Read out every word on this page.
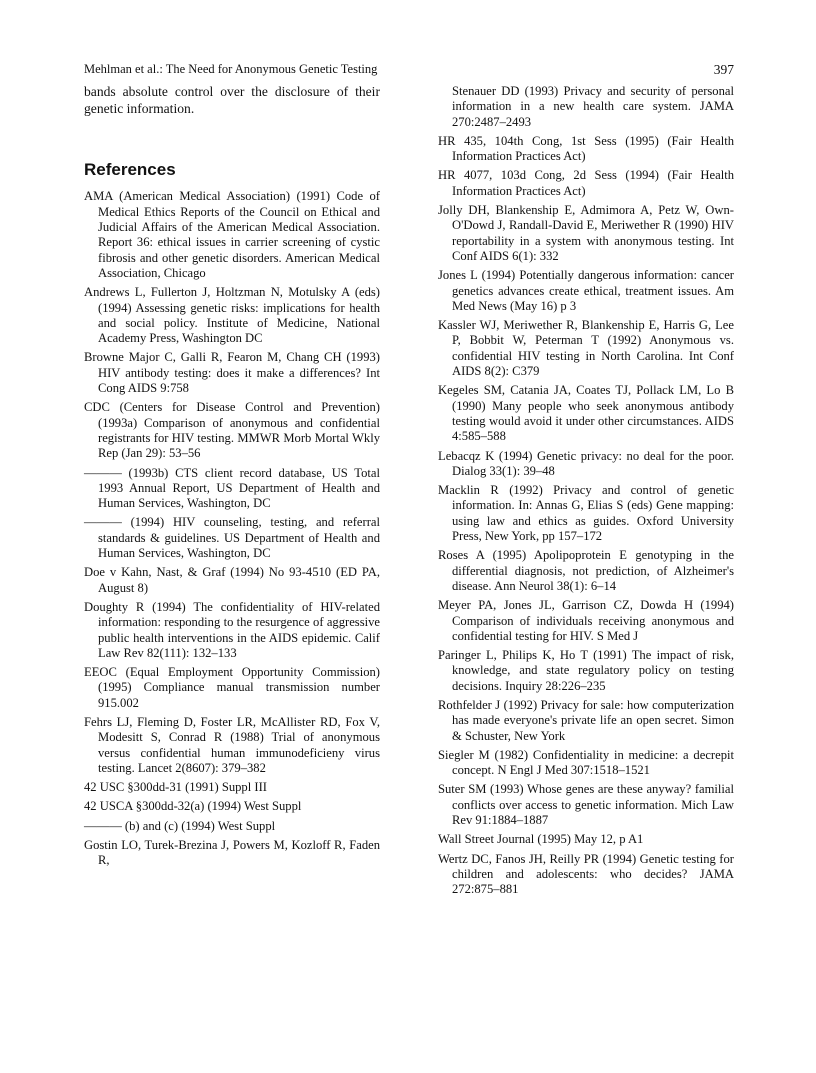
Mehlman et al.: The Need for Anonymous Genetic Testing	397

bands absolute control over the disclosure of their genetic information.

References

AMA (American Medical Association) (1991) Code of Medical Ethics Reports of the Council on Ethical and Judicial Affairs of the American Medical Association. Report 36: ethical issues in carrier screening of cystic fibrosis and other genetic disorders. American Medical Association, Chicago

Andrews L, Fullerton J, Holtzman N, Motulsky A (eds) (1994) Assessing genetic risks: implications for health and social policy. Institute of Medicine, National Academy Press, Washington DC

Browne Major C, Galli R, Fearon M, Chang CH (1993) HIV antibody testing: does it make a differences? Int Cong AIDS 9:758

CDC (Centers for Disease Control and Prevention) (1993a) Comparison of anonymous and confidential registrants for HIV testing. MMWR Morb Mortal Wkly Rep (Jan 29): 53–56

——— (1993b) CTS client record database, US Total 1993 Annual Report, US Department of Health and Human Services, Washington, DC

——— (1994) HIV counseling, testing, and referral standards & guidelines. US Department of Health and Human Services, Washington, DC

Doe v Kahn, Nast, & Graf (1994) No 93-4510 (ED PA, August 8)

Doughty R (1994) The confidentiality of HIV-related information: responding to the resurgence of aggressive public health interventions in the AIDS epidemic. Calif Law Rev 82(111): 132–133

EEOC (Equal Employment Opportunity Commission) (1995) Compliance manual transmission number 915.002

Fehrs LJ, Fleming D, Foster LR, McAllister RD, Fox V, Modesitt S, Conrad R (1988) Trial of anonymous versus confidential human immunodeficieny virus testing. Lancet 2(8607): 379–382

42 USC §300dd-31 (1991) Suppl III

42 USCA §300dd-32(a) (1994) West Suppl

——— (b) and (c) (1994) West Suppl

Gostin LO, Turek-Brezina J, Powers M, Kozloff R, Faden R,

Stenauer DD (1993) Privacy and security of personal information in a new health care system. JAMA 270:2487–2493

HR 435, 104th Cong, 1st Sess (1995) (Fair Health Information Practices Act)

HR 4077, 103d Cong, 2d Sess (1994) (Fair Health Information Practices Act)

Jolly DH, Blankenship E, Admimora A, Petz W, Own-O'Dowd J, Randall-David E, Meriwether R (1990) HIV reportability in a system with anonymous testing. Int Conf AIDS 6(1): 332

Jones L (1994) Potentially dangerous information: cancer genetics advances create ethical, treatment issues. Am Med News (May 16) p 3

Kassler WJ, Meriwether R, Blankenship E, Harris G, Lee P, Bobbit W, Peterman T (1992) Anonymous vs. confidential HIV testing in North Carolina. Int Conf AIDS 8(2): C379

Kegeles SM, Catania JA, Coates TJ, Pollack LM, Lo B (1990) Many people who seek anonymous antibody testing would avoid it under other circumstances. AIDS 4:585–588

Lebacqz K (1994) Genetic privacy: no deal for the poor. Dialog 33(1): 39–48

Macklin R (1992) Privacy and control of genetic information. In: Annas G, Elias S (eds) Gene mapping: using law and ethics as guides. Oxford University Press, New York, pp 157–172

Roses A (1995) Apolipoprotein E genotyping in the differential diagnosis, not prediction, of Alzheimer's disease. Ann Neurol 38(1): 6–14

Meyer PA, Jones JL, Garrison CZ, Dowda H (1994) Comparison of individuals receiving anonymous and confidential testing for HIV. S Med J

Paringer L, Philips K, Ho T (1991) The impact of risk, knowledge, and state regulatory policy on testing decisions. Inquiry 28:226–235

Rothfelder J (1992) Privacy for sale: how computerization has made everyone's private life an open secret. Simon & Schuster, New York

Siegler M (1982) Confidentiality in medicine: a decrepit concept. N Engl J Med 307:1518–1521

Suter SM (1993) Whose genes are these anyway? familial conflicts over access to genetic information. Mich Law Rev 91:1884–1887

Wall Street Journal (1995) May 12, p A1

Wertz DC, Fanos JH, Reilly PR (1994) Genetic testing for children and adolescents: who decides? JAMA 272:875–881
